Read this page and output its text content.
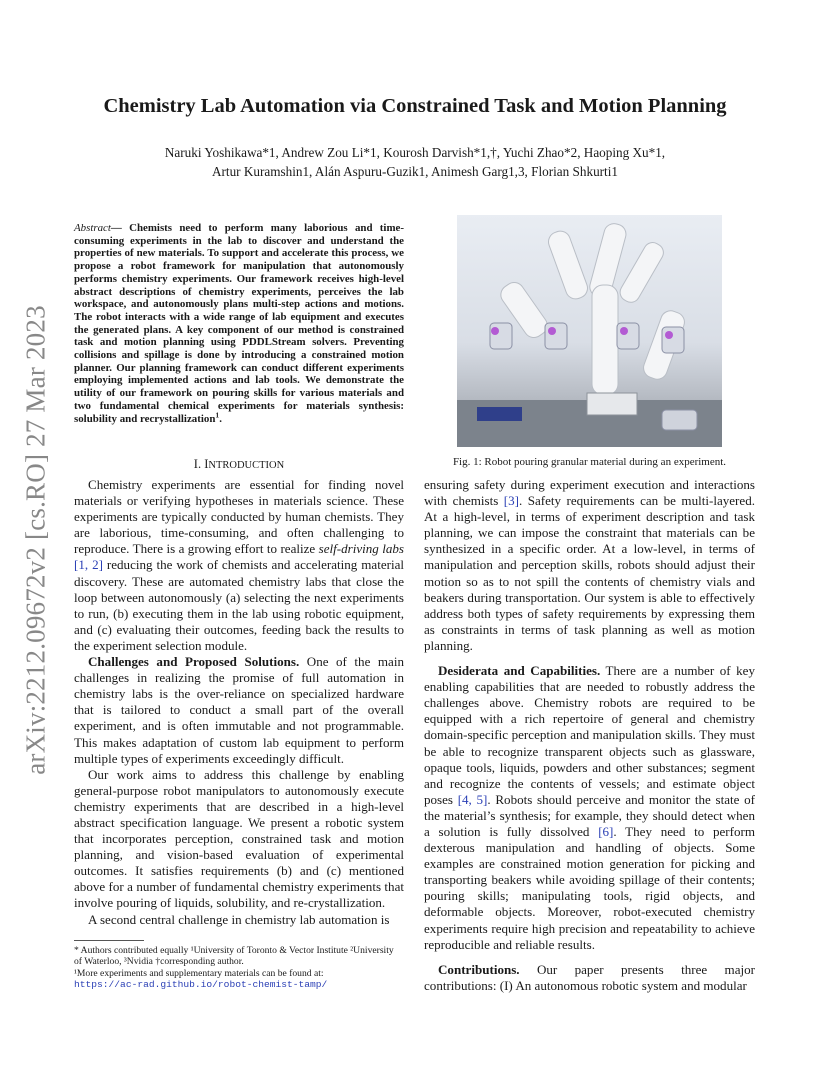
arXiv:2212.09672v2 [cs.RO] 27 Mar 2023
Chemistry Lab Automation via Constrained Task and Motion Planning
Naruki Yoshikawa*1, Andrew Zou Li*1, Kourosh Darvish*1,†, Yuchi Zhao*2, Haoping Xu*1,
Artur Kuramshin1, Alán Aspuru-Guzik1, Animesh Garg1,3, Florian Shkurti1

Abstract— Chemists need to perform many laborious and time-consuming experiments in the lab to discover and understand the properties of new materials. To support and accelerate this process, we propose a robot framework for manipulation that autonomously performs chemistry experiments. Our framework receives high-level abstract descriptions of chemistry experiments, perceives the lab workspace, and autonomously plans multi-step actions and motions. The robot interacts with a wide range of lab equipment and executes the generated plans. A key component of our method is constrained task and motion planning using PDDLStream solvers. Preventing collisions and spillage is done by introducing a constrained motion planner. Our planning framework can conduct different experiments employing implemented actions and lab tools. We demonstrate the utility of our framework on pouring skills for various materials and two fundamental chemical experiments for materials synthesis: solubility and recrystallization$^1$.

I. INTRODUCTION

Chemistry experiments are essential for finding novel materials or verifying hypotheses in materials science. These experiments are typically conducted by human chemists. They are laborious, time-consuming, and often challenging to reproduce. There is a growing effort to realize self-driving labs [1, 2] reducing the work of chemists and accelerating material discovery. These are automated chemistry labs that close the loop between autonomously (a) selecting the next experiments to run, (b) executing them in the lab using robotic equipment, and (c) evaluating their outcomes, feeding back the results to the experiment selection module.

Challenges and Proposed Solutions. One of the main challenges in realizing the promise of full automation in chemistry labs is the over-reliance on specialized hardware that is tailored to conduct a small part of the overall experiment, and is often immutable and not programmable. This makes adaptation of custom lab equipment to perform multiple types of experiments exceedingly difficult.

Our work aims to address this challenge by enabling general-purpose robot manipulators to autonomously execute chemistry experiments that are described in a high-level abstract specification language. We present a robotic system that incorporates perception, constrained task and motion planning, and vision-based evaluation of experimental outcomes. It satisfies requirements (b) and (c) mentioned above for a number of fundamental chemistry experiments that involve pouring of liquids, solubility, and re-crystallization.

A second central challenge in chemistry lab automation is

* Authors contributed equally ¹University of Toronto & Vector Institute ²University of Waterloo, ³Nvidia †corresponding author.

¹More experiments and supplementary materials can be found at:

https://ac-rad.github.io/robot-chemist-tamp/

Fig. 1: Robot pouring granular material during an experiment.

ensuring safety during experiment execution and interactions with chemists [3]. Safety requirements can be multi-layered. At a high-level, in terms of experiment description and task planning, we can impose the constraint that materials can be synthesized in a specific order. At a low-level, in terms of manipulation and perception skills, robots should adjust their motion so as to not spill the contents of chemistry vials and beakers during transportation. Our system is able to effectively address both types of safety requirements by expressing them as constraints in terms of task planning as well as motion planning.

Desiderata and Capabilities. There are a number of key enabling capabilities that are needed to robustly address the challenges above. Chemistry robots are required to be equipped with a rich repertoire of general and chemistry domain-specific perception and manipulation skills. They must be able to recognize transparent objects such as glassware, opaque tools, liquids, powders and other substances; segment and recognize the contents of vessels; and estimate object poses [4, 5]. Robots should perceive and monitor the state of the material’s synthesis; for example, they should detect when a solution is fully dissolved [6]. They need to perform dexterous manipulation and handling of objects. Some examples are constrained motion generation for picking and transporting beakers while avoiding spillage of their contents; pouring skills; manipulating tools, rigid objects, and deformable objects. Moreover, robot-executed chemistry experiments require high precision and repeatability to achieve reproducible and reliable results.

Contributions. Our paper presents three major contributions: (I) An autonomous robotic system and modular
